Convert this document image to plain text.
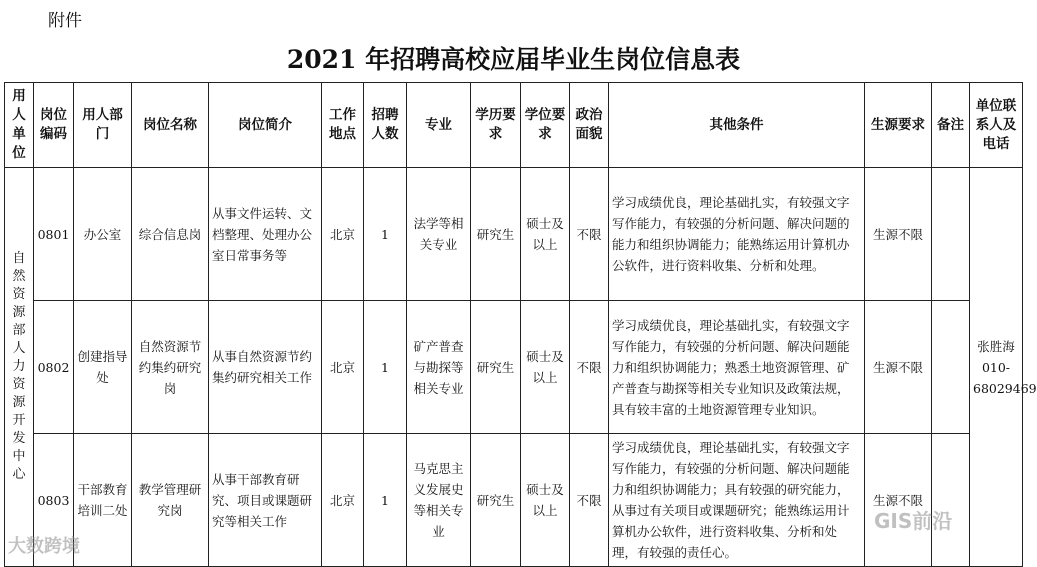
附件
2021 年招聘高校应届毕业生岗位信息表
用人单位	岗位编码	用人部门	岗位名称	岗位简介	工作地点	招聘人数	专业	学历要求	学位要求	政治面貌	其他条件	生源要求	备注	单位联系人及电话

自然资源部人力资源开发中心	0801	办公室	综合信息岗	从事文件运转、文档整理、处理办公室日常事务等	北京	1	法学等相关专业	研究生	硕士及以上	不限	学习成绩优良，理论基础扎实，有较强文字写作能力，有较强的分析问题、解决问题的能力和组织协调能力；能熟练运用计算机办公软件，进行资料收集、分析和处理。	生源不限		张胜海 010-68029469
	0802	创建指导处	自然资源节约集约研究岗	从事自然资源节约集约研究相关工作	北京	1	矿产普查与勘探等相关专业	研究生	硕士及以上	不限	学习成绩优良，理论基础扎实，有较强文字写作能力，有较强的分析问题、解决问题能力和组织协调能力；熟悉土地资源管理、矿产普查与勘探等相关专业知识及政策法规，具有较丰富的土地资源管理专业知识。	生源不限		
	0803	干部教育培训二处	教学管理研究岗	从事干部教育研究、项目或课题研究等相关工作	北京	1	马克思主义发展史等相关专业	研究生	硕士及以上	不限	学习成绩优良，理论基础扎实，有较强文字写作能力，有较强的分析问题、解决问题能力和组织协调能力；具有较强的研究能力，从事过有关项目或课题研究；能熟练运用计算机办公软件，进行资料收集、分析和处理，有较强的责任心。	生源不限		
大数跨境
GIS前沿
